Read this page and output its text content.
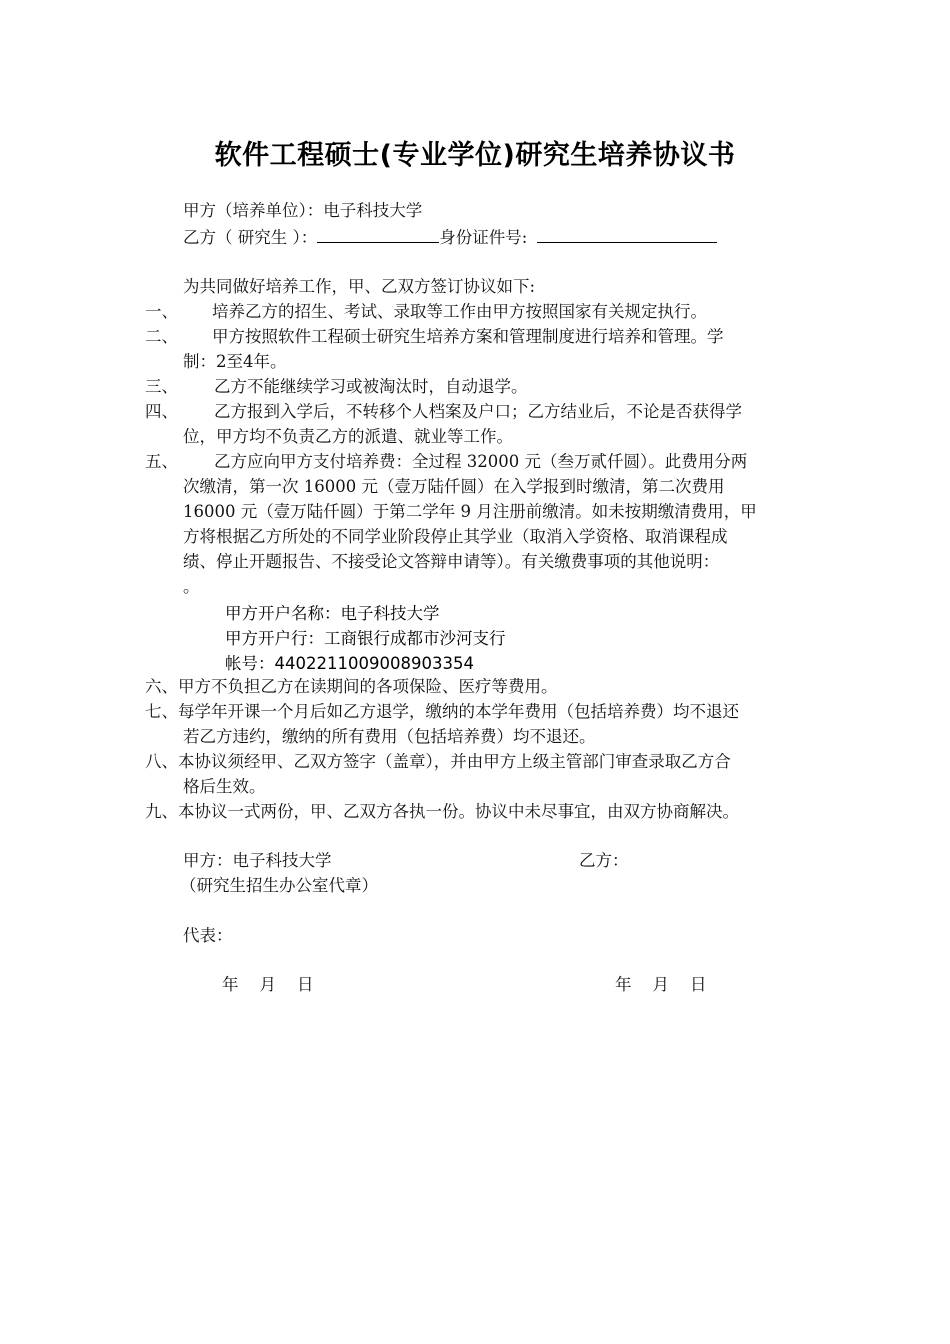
软件工程硕士(专业学位)研究生培养协议书
甲方（培养单位）：电子科技大学
乙方（ 研究生 ）：	身份证件号:
为共同做好培养工作，甲、乙双方签订协议如下:
一、 培养乙方的招生、考试、录取等工作由甲方按照国家有关规定执行。
二、 甲方按照软件工程硕士研究生培养方案和管理制度进行培养和管理。学
制：2至4年。
三、 乙方不能继续学习或被淘汰时，自动退学。
四、 乙方报到入学后，不转移个人档案及户口；乙方结业后，不论是否获得学
位，甲方均不负责乙方的派遣、就业等工作。
五、 乙方应向甲方支付培养费：全过程 32000 元（叁万贰仟圆）。此费用分两
次缴清，第一次 16000 元（壹万陆仟圆）在入学报到时缴清，第二次费用
16000 元（壹万陆仟圆）于第二学年 9 月注册前缴清。如未按期缴清费用，甲
方将根据乙方所处的不同学业阶段停止其学业（取消入学资格、取消课程成
绩、停止开题报告、不接受论文答辩申请等）。有关缴费事项的其他说明：
。
甲方开户名称：电子科技大学
甲方开户行：工商银行成都市沙河支行
帐号：4402211009008903354
六、甲方不负担乙方在读期间的各项保险、医疗等费用。
七、每学年开课一个月后如乙方退学，缴纳的本学年费用（包括培养费）均不退还
若乙方违约，缴纳的所有费用（包括培养费）均不退还。
八、本协议须经甲、乙双方签字（盖章），并由甲方上级主管部门审查录取乙方合
格后生效。
九、本协议一式两份，甲、乙双方各执一份。协议中未尽事宜，由双方协商解决。
甲方：电子科技大学	乙方：
（研究生招生办公室代章）
代表：
年    月    日	年    月    日
